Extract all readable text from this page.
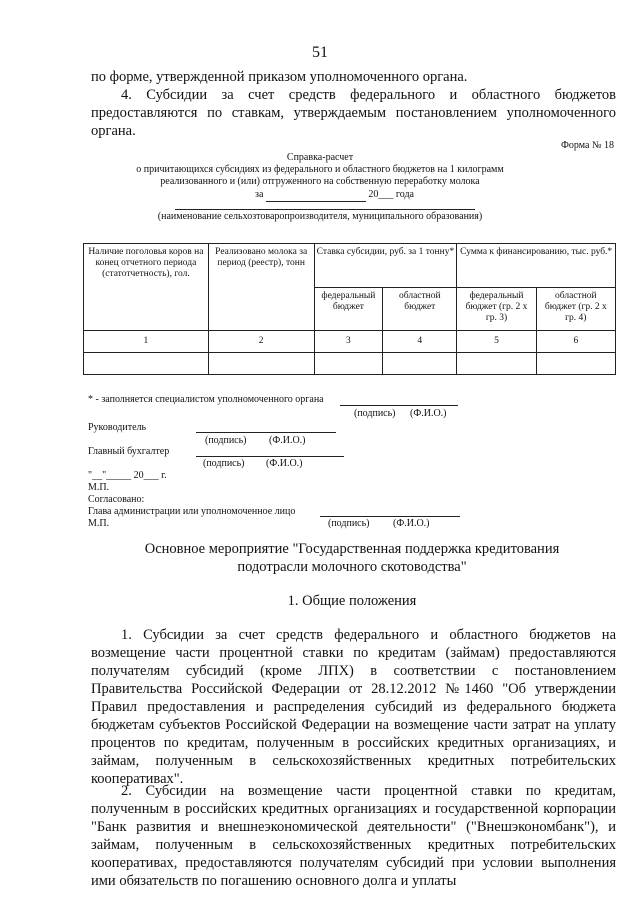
51
по форме, утвержденной приказом уполномоченного органа.
4. Субсидии за счет средств федерального и областного бюджетов предоставляются по ставкам, утверждаемым постановлением уполномоченного органа.
Форма № 18
Справка-расчет
о причитающихся субсидиях из федерального и областного бюджетов на 1 килограмм
реализованного и (или) отгруженного на собственную переработку молока
за	20___ года
(наименование сельхозтоваропроизводителя, муниципального образования)
Наличие поголовья коров на конец отчетного периода (статотчетность), гол.	Реализовано молока за период (реестр), тонн	Ставка субсидии, руб. за 1 тонну*		Сумма к финансированию, тыс. руб.*	
		федеральный бюджет	областной бюджет	федеральный бюджет (гр. 2 х гр. 3)	областной бюджет (гр. 2 х гр. 4)
1	2	3	4	5	6

* - заполняется специалистом уполномоченного органа
(подпись) (Ф.И.О.)
Руководитель
(подпись) (Ф.И.О.)
Главный бухгалтер
(подпись) (Ф.И.О.)
"__"_____ 20___ г.
М.П.
Согласовано:
Глава администрации или уполномоченное лицо
М.П.	(подпись) (Ф.И.О.)
Основное мероприятие "Государственная поддержка кредитования
подотрасли молочного скотоводства"
1. Общие положения
1. Субсидии за счет средств федерального и областного бюджетов на возмещение части процентной ставки по кредитам (займам) предоставляются получателям субсидий (кроме ЛПХ) в соответствии с постановлением Правительства Российской Федерации от 28.12.2012 №1460 "Об утверждении Правил предоставления и распределения субсидий из федерального бюджета бюджетам субъектов Российской Федерации на возмещение части затрат на уплату процентов по кредитам, полученным в российских кредитных организациях, и займам, полученным в сельскохозяйственных кредитных потребительских кооперативах".
2. Субсидии на возмещение части процентной ставки по кредитам, полученным в российских кредитных организациях и государственной корпорации "Банк развития и внешнеэкономической деятельности" ("Внешэкономбанк"), и займам, полученным в сельскохозяйственных кредитных потребительских кооперативах, предоставляются получателям субсидий при условии выполнения ими обязательств по погашению основного долга и уплаты
